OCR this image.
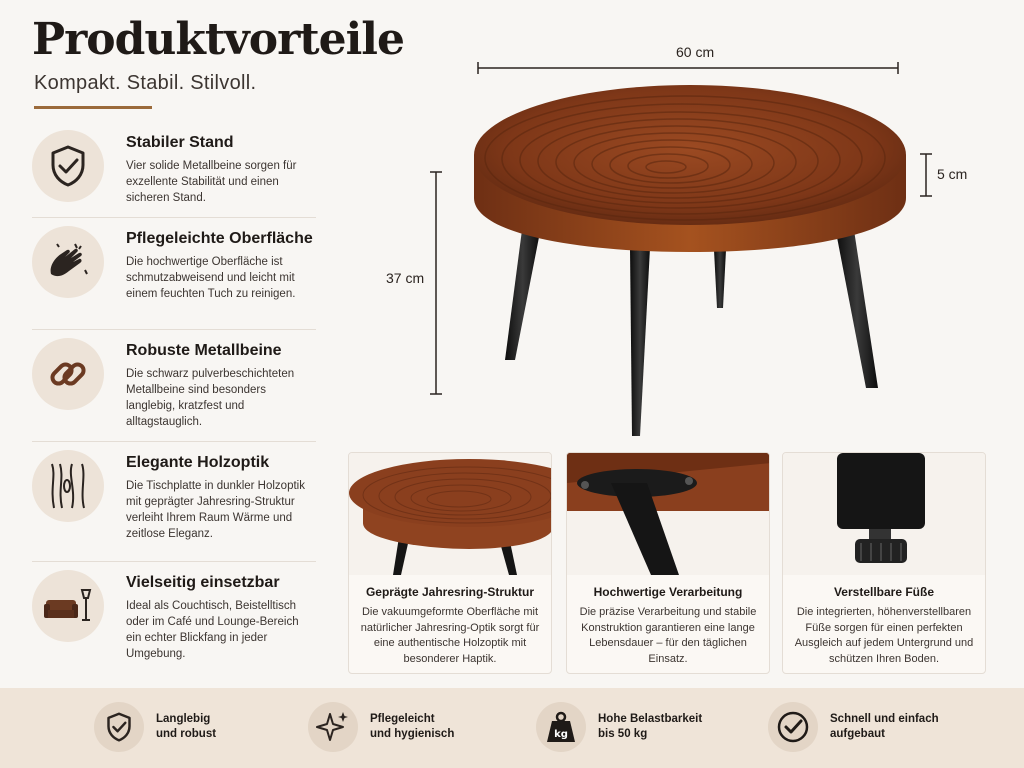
Produktvorteile
Kompakt. Stabil. Stilvoll.
Stabiler Stand

Vier solide Metallbeine sorgen für exzellente Stabilität und einen sicheren Stand.

Pflegeleichte Oberfläche

Die hochwertige Oberfläche ist schmutzabweisend und leicht mit einem feuchten Tuch zu reinigen.

Robuste Metallbeine

Die schwarz pulverbeschichteten Metallbeine sind besonders langlebig, kratzfest und alltagstauglich.

Elegante Holzoptik

Die Tischplatte in dunkler Holzoptik mit geprägter Jahresring-Struktur verleiht Ihrem Raum Wärme und zeitlose Eleganz.

Vielseitig einsetzbar

Ideal als Couchtisch, Beistelltisch oder im Café und Lounge-Bereich ein echter Blickfang in jeder Umgebung.

60 cm
5 cm
37 cm
Geprägte Jahresring-Struktur

Die vakuumgeformte Oberfläche mit natürlicher Jahresring-Optik sorgt für eine authentische Holzoptik mit besonderer Haptik.

Hochwertige Verarbeitung

Die präzise Verarbeitung und stabile Konstruktion garantieren eine lange Lebensdauer – für den täglichen Einsatz.

Verstellbare Füße

Die integrierten, höhenverstellbaren Füße sorgen für einen perfekten Ausgleich auf jedem Untergrund und schützen Ihren Boden.

Langlebig
und robust
Pflegeleicht
und hygienisch	kg
Hohe Belastbarkeit
bis 50 kg
Schnell und einfach
aufgebaut
